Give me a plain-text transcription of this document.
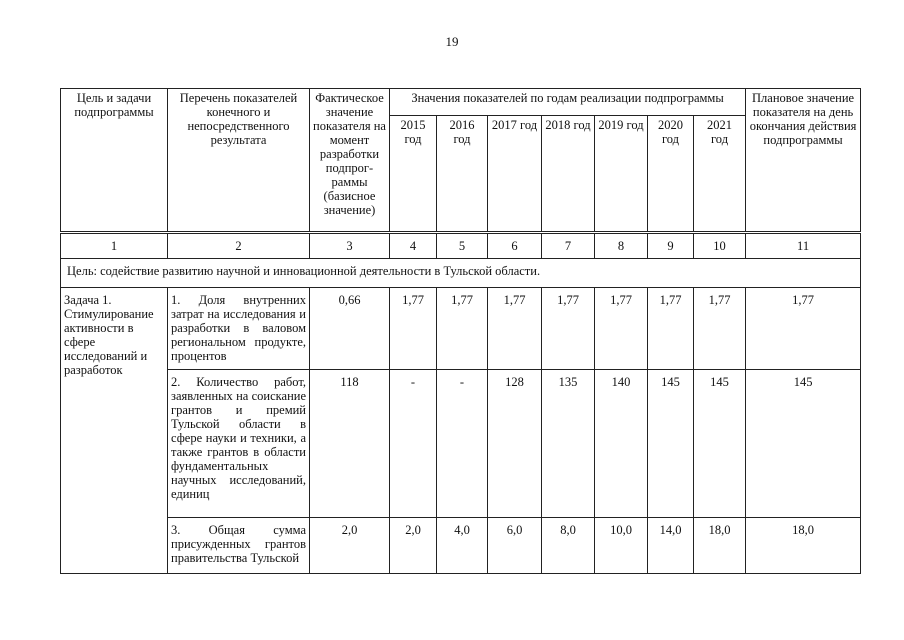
19
Цель и задачи подпрограммы	Перечень показателей конечного и непосредственного результата	Фактическое значение показателя на момент разработки подпрог-раммы (базисное значение)	Значения показателей по годам реализации подпрограммы							Плановое значение показателя на день окончания действия подпрограммы
			2015 год	2016 год	2017 год	2018 год	2019 год	2020 год	2021 год	
1	2	3	4	5	6	7	8	9	10	11
Цель: содействие развитию научной и инновационной деятельности в Тульской области.										
Задача 1. Стимулирование активности в сфере исследований и разработок	1. Доля внутренних затрат на исследования и разработки в валовом региональном продукте, процентов	0,66	1,77	1,77	1,77	1,77	1,77	1,77	1,77	1,77
	2. Количество работ, заявленных на соискание грантов и премий Тульской области в сфере науки и техники, а также грантов в области фундаментальных научных исследований, единиц	118	-	-	128	135	140	145	145	145
	3. Общая сумма присужденных грантов правительства Тульской	2,0	2,0	4,0	6,0	8,0	10,0	14,0	18,0	18,0
